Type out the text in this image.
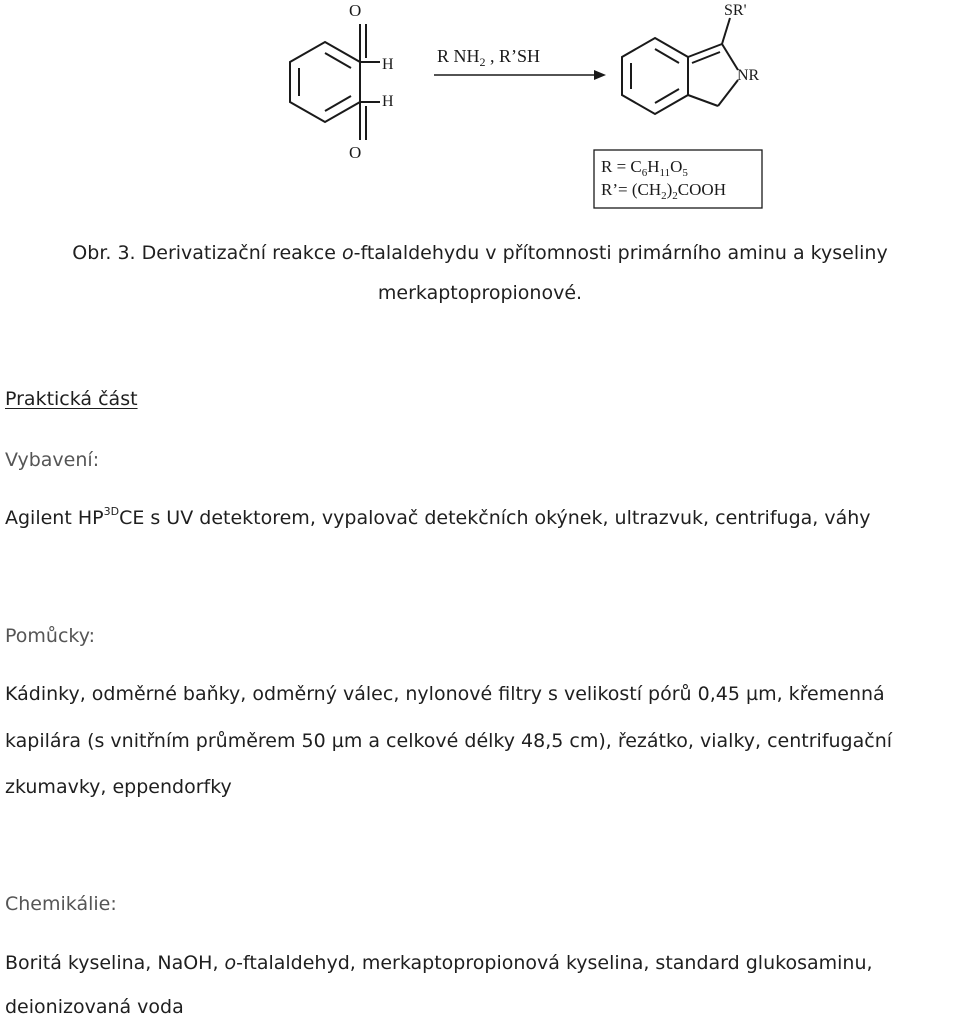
O
H
H
O
R $NH_2$ , R’SH
SR'
NR
$R = C_6H_{11}O_5$
R’= $(CH_2)_2COOH$
Obr. 3. Derivatizační reakce o-ftalaldehydu v přítomnosti primárního aminu a kyseliny
merkaptopropionové.
Praktická část
Vybavení:
Agilent $HP^{3D}CE$ s UV detektorem, vypalovač detekčních okýnek, ultrazvuk, centrifuga, váhy
Pomůcky:
Kádinky, odměrné baňky, odměrný válec, nylonové filtry s velikostí pórů 0,45 µm, křemenná
kapilára (s vnitřním průměrem 50 µm a celkové délky 48,5 cm), řezátko, vialky, centrifugační
zkumavky, eppendorfky
Chemikálie:
Boritá kyselina, NaOH, o-ftalaldehyd, merkaptopropionová kyselina, standard glukosaminu,
deionizovaná voda
